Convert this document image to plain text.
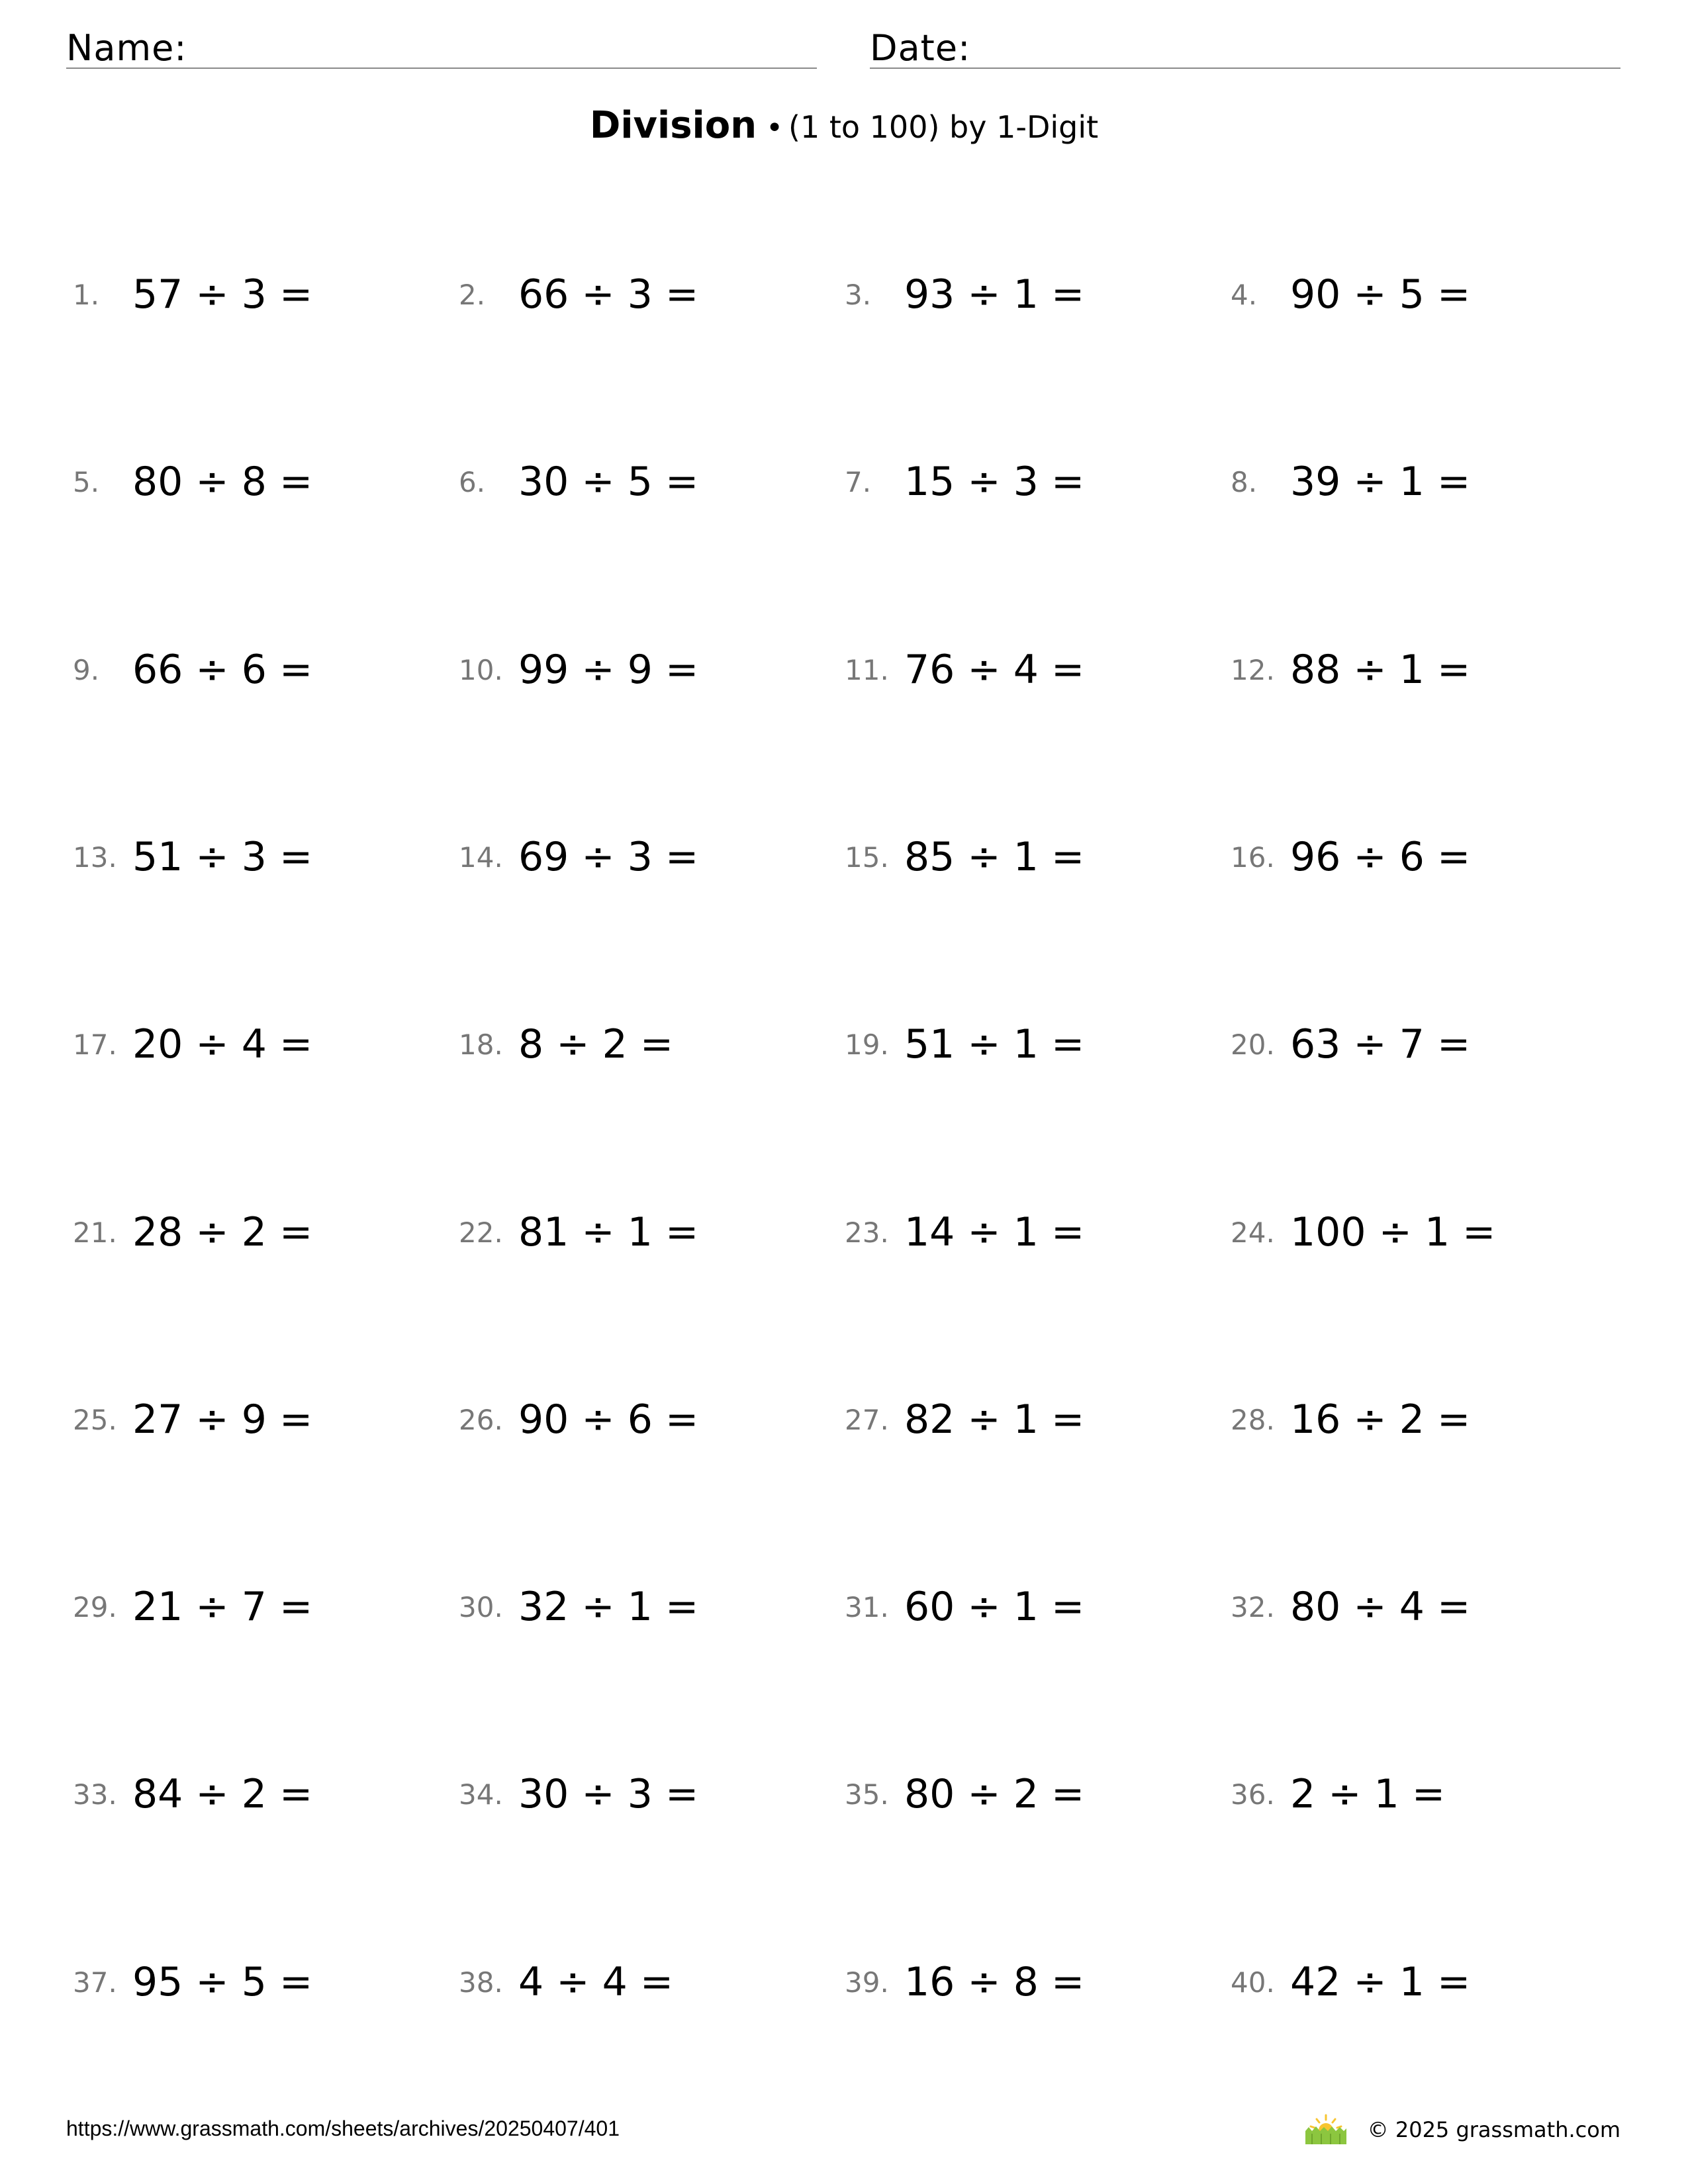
Name:	Date:
Division • (1 to 100) by 1-Digit
1. 57 ÷ 3 =	2. 66 ÷ 3 =	3. 93 ÷ 1 =	4. 90 ÷ 5 =
5. 80 ÷ 8 =	6. 30 ÷ 5 =	7. 15 ÷ 3 =	8. 39 ÷ 1 =
9. 66 ÷ 6 =	10. 99 ÷ 9 =	11. 76 ÷ 4 =	12. 88 ÷ 1 =
13. 51 ÷ 3 =	14. 69 ÷ 3 =	15. 85 ÷ 1 =	16. 96 ÷ 6 =
17. 20 ÷ 4 =	18. 8 ÷ 2 =	19. 51 ÷ 1 =	20. 63 ÷ 7 =
21. 28 ÷ 2 =	22. 81 ÷ 1 =	23. 14 ÷ 1 =	24. 100 ÷ 1 =
25. 27 ÷ 9 =	26. 90 ÷ 6 =	27. 82 ÷ 1 =	28. 16 ÷ 2 =
29. 21 ÷ 7 =	30. 32 ÷ 1 =	31. 60 ÷ 1 =	32. 80 ÷ 4 =
33. 84 ÷ 2 =	34. 30 ÷ 3 =	35. 80 ÷ 2 =	36. 2 ÷ 1 =
37. 95 ÷ 5 =	38. 4 ÷ 4 =	39. 16 ÷ 8 =	40. 42 ÷ 1 =
https://www.grassmath.com/sheets/archives/20250407/401	© 2025 grassmath.com
